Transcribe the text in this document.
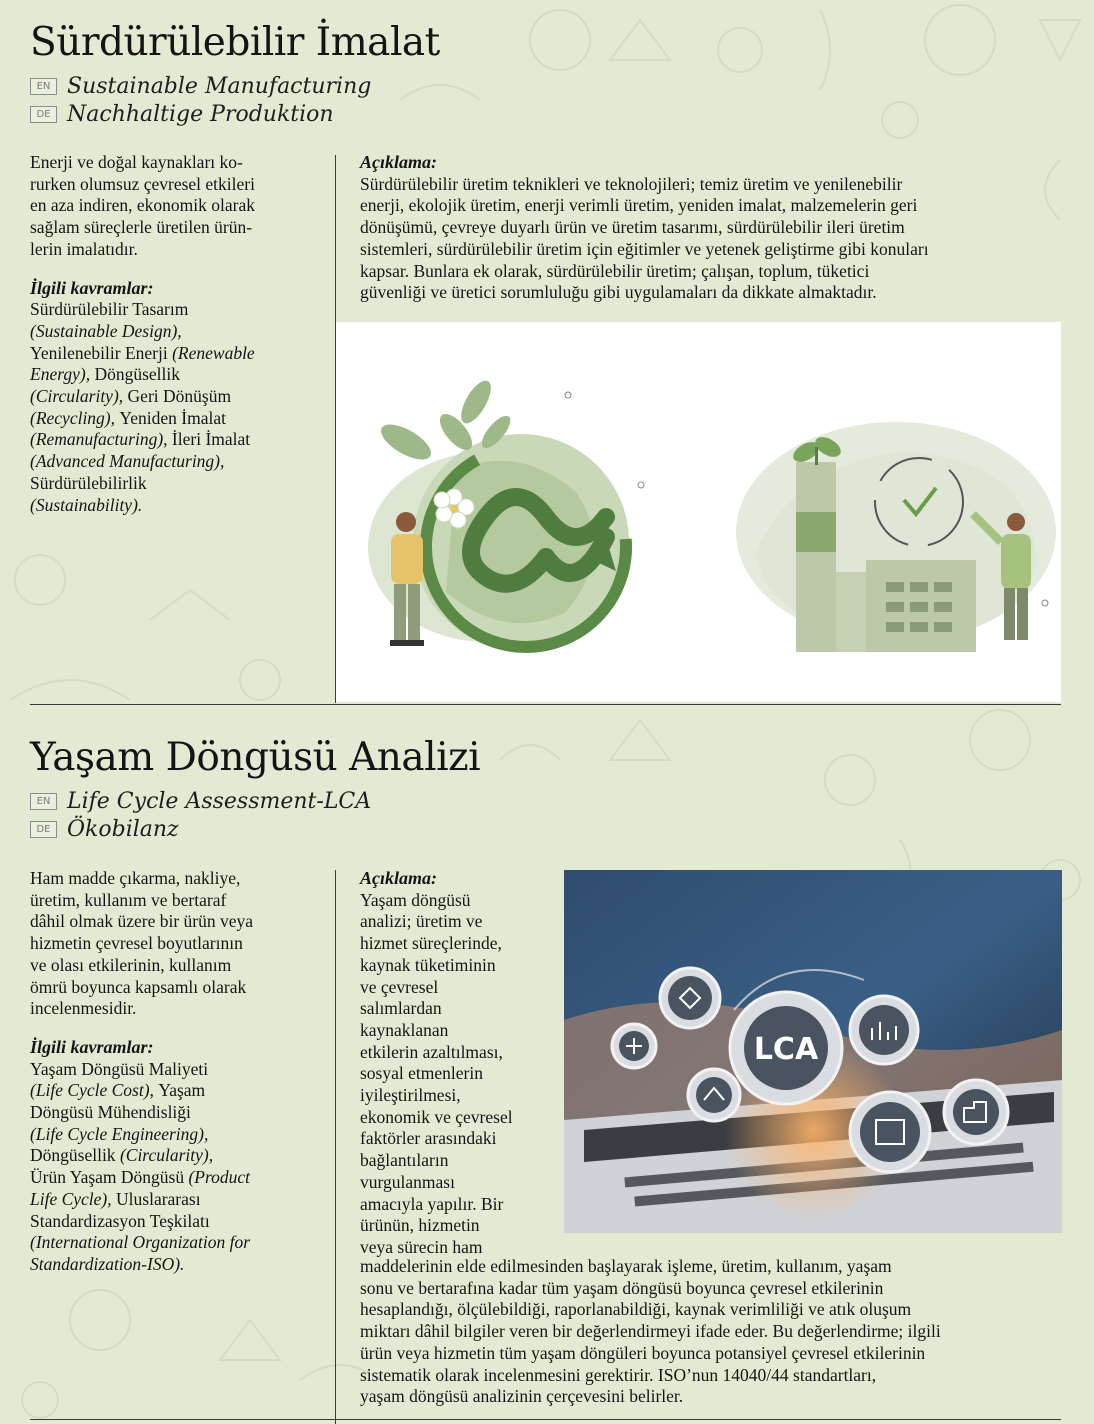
Sürdürülebilir İmalat
EN Sustainable Manufacturing
DE Nachhaltige Produktion
Enerji ve doğal kaynakları ko-
rurken olumsuz çevresel etkileri
en aza indiren, ekonomik olarak
sağlam süreçlerle üretilen ürün-
lerin imalatıdır.
İlgili kavramlar:
Sürdürülebilir Tasarım
(Sustainable Design),
Yenilenebilir Enerji (Renewable
Energy), Döngüsellik
(Circularity), Geri Dönüşüm
(Recycling), Yeniden İmalat
(Remanufacturing), İleri İmalat
(Advanced Manufacturing),
Sürdürülebilirlik
(Sustainability).
Açıklama:
Sürdürülebilir üretim teknikleri ve teknolojileri; temiz üretim ve yenilenebilir
enerji, ekolojik üretim, enerji verimli üretim, yeniden imalat, malzemelerin geri
dönüşümü, çevreye duyarlı ürün ve üretim tasarımı, sürdürülebilir ileri üretim
sistemleri, sürdürülebilir üretim için eğitimler ve yetenek geliştirme gibi konuları
kapsar. Bunlara ek olarak, sürdürülebilir üretim; çalışan, toplum, tüketici
güvenliği ve üretici sorumluluğu gibi uygulamaları da dikkate almaktadır.
Yaşam Döngüsü Analizi
EN Life Cycle Assessment-LCA
DE Ökobilanz
Ham madde çıkarma, nakliye,
üretim, kullanım ve bertaraf
dâhil olmak üzere bir ürün veya
hizmetin çevresel boyutlarının
ve olası etkilerinin, kullanım
ömrü boyunca kapsamlı olarak
incelenmesidir.
İlgili kavramlar:
Yaşam Döngüsü Maliyeti
(Life Cycle Cost), Yaşam
Döngüsü Mühendisliği
(Life Cycle Engineering),
Döngüsellik (Circularity),
Ürün Yaşam Döngüsü (Product
Life Cycle), Uluslararası
Standardizasyon Teşkilatı
(International Organization for
Standardization-ISO).
Açıklama:
Yaşam döngüsü
analizi; üretim ve
hizmet süreçlerinde,
kaynak tüketiminin
ve çevresel
salımlardan
kaynaklanan
etkilerin azaltılması,
sosyal etmenlerin
iyileştirilmesi,
ekonomik ve çevresel
faktörler arasındaki
bağlantıların
vurgulanması
amacıyla yapılır. Bir
ürünün, hizmetin
veya sürecin ham
maddelerinin elde edilmesinden başlayarak işleme, üretim, kullanım, yaşam
sonu ve bertarafına kadar tüm yaşam döngüsü boyunca çevresel etkilerinin
hesaplandığı, ölçülebildiği, raporlanabildiği, kaynak verimliliği ve atık oluşum
miktarı dâhil bilgiler veren bir değerlendirmeyi ifade eder. Bu değerlendirme; ilgili
ürün veya hizmetin tüm yaşam döngüleri boyunca potansiyel çevresel etkilerinin
sistematik olarak incelenmesini gerektirir. ISO’nun 14040/44 standartları,
yaşam döngüsü analizinin çerçevesini belirler.
LCA
